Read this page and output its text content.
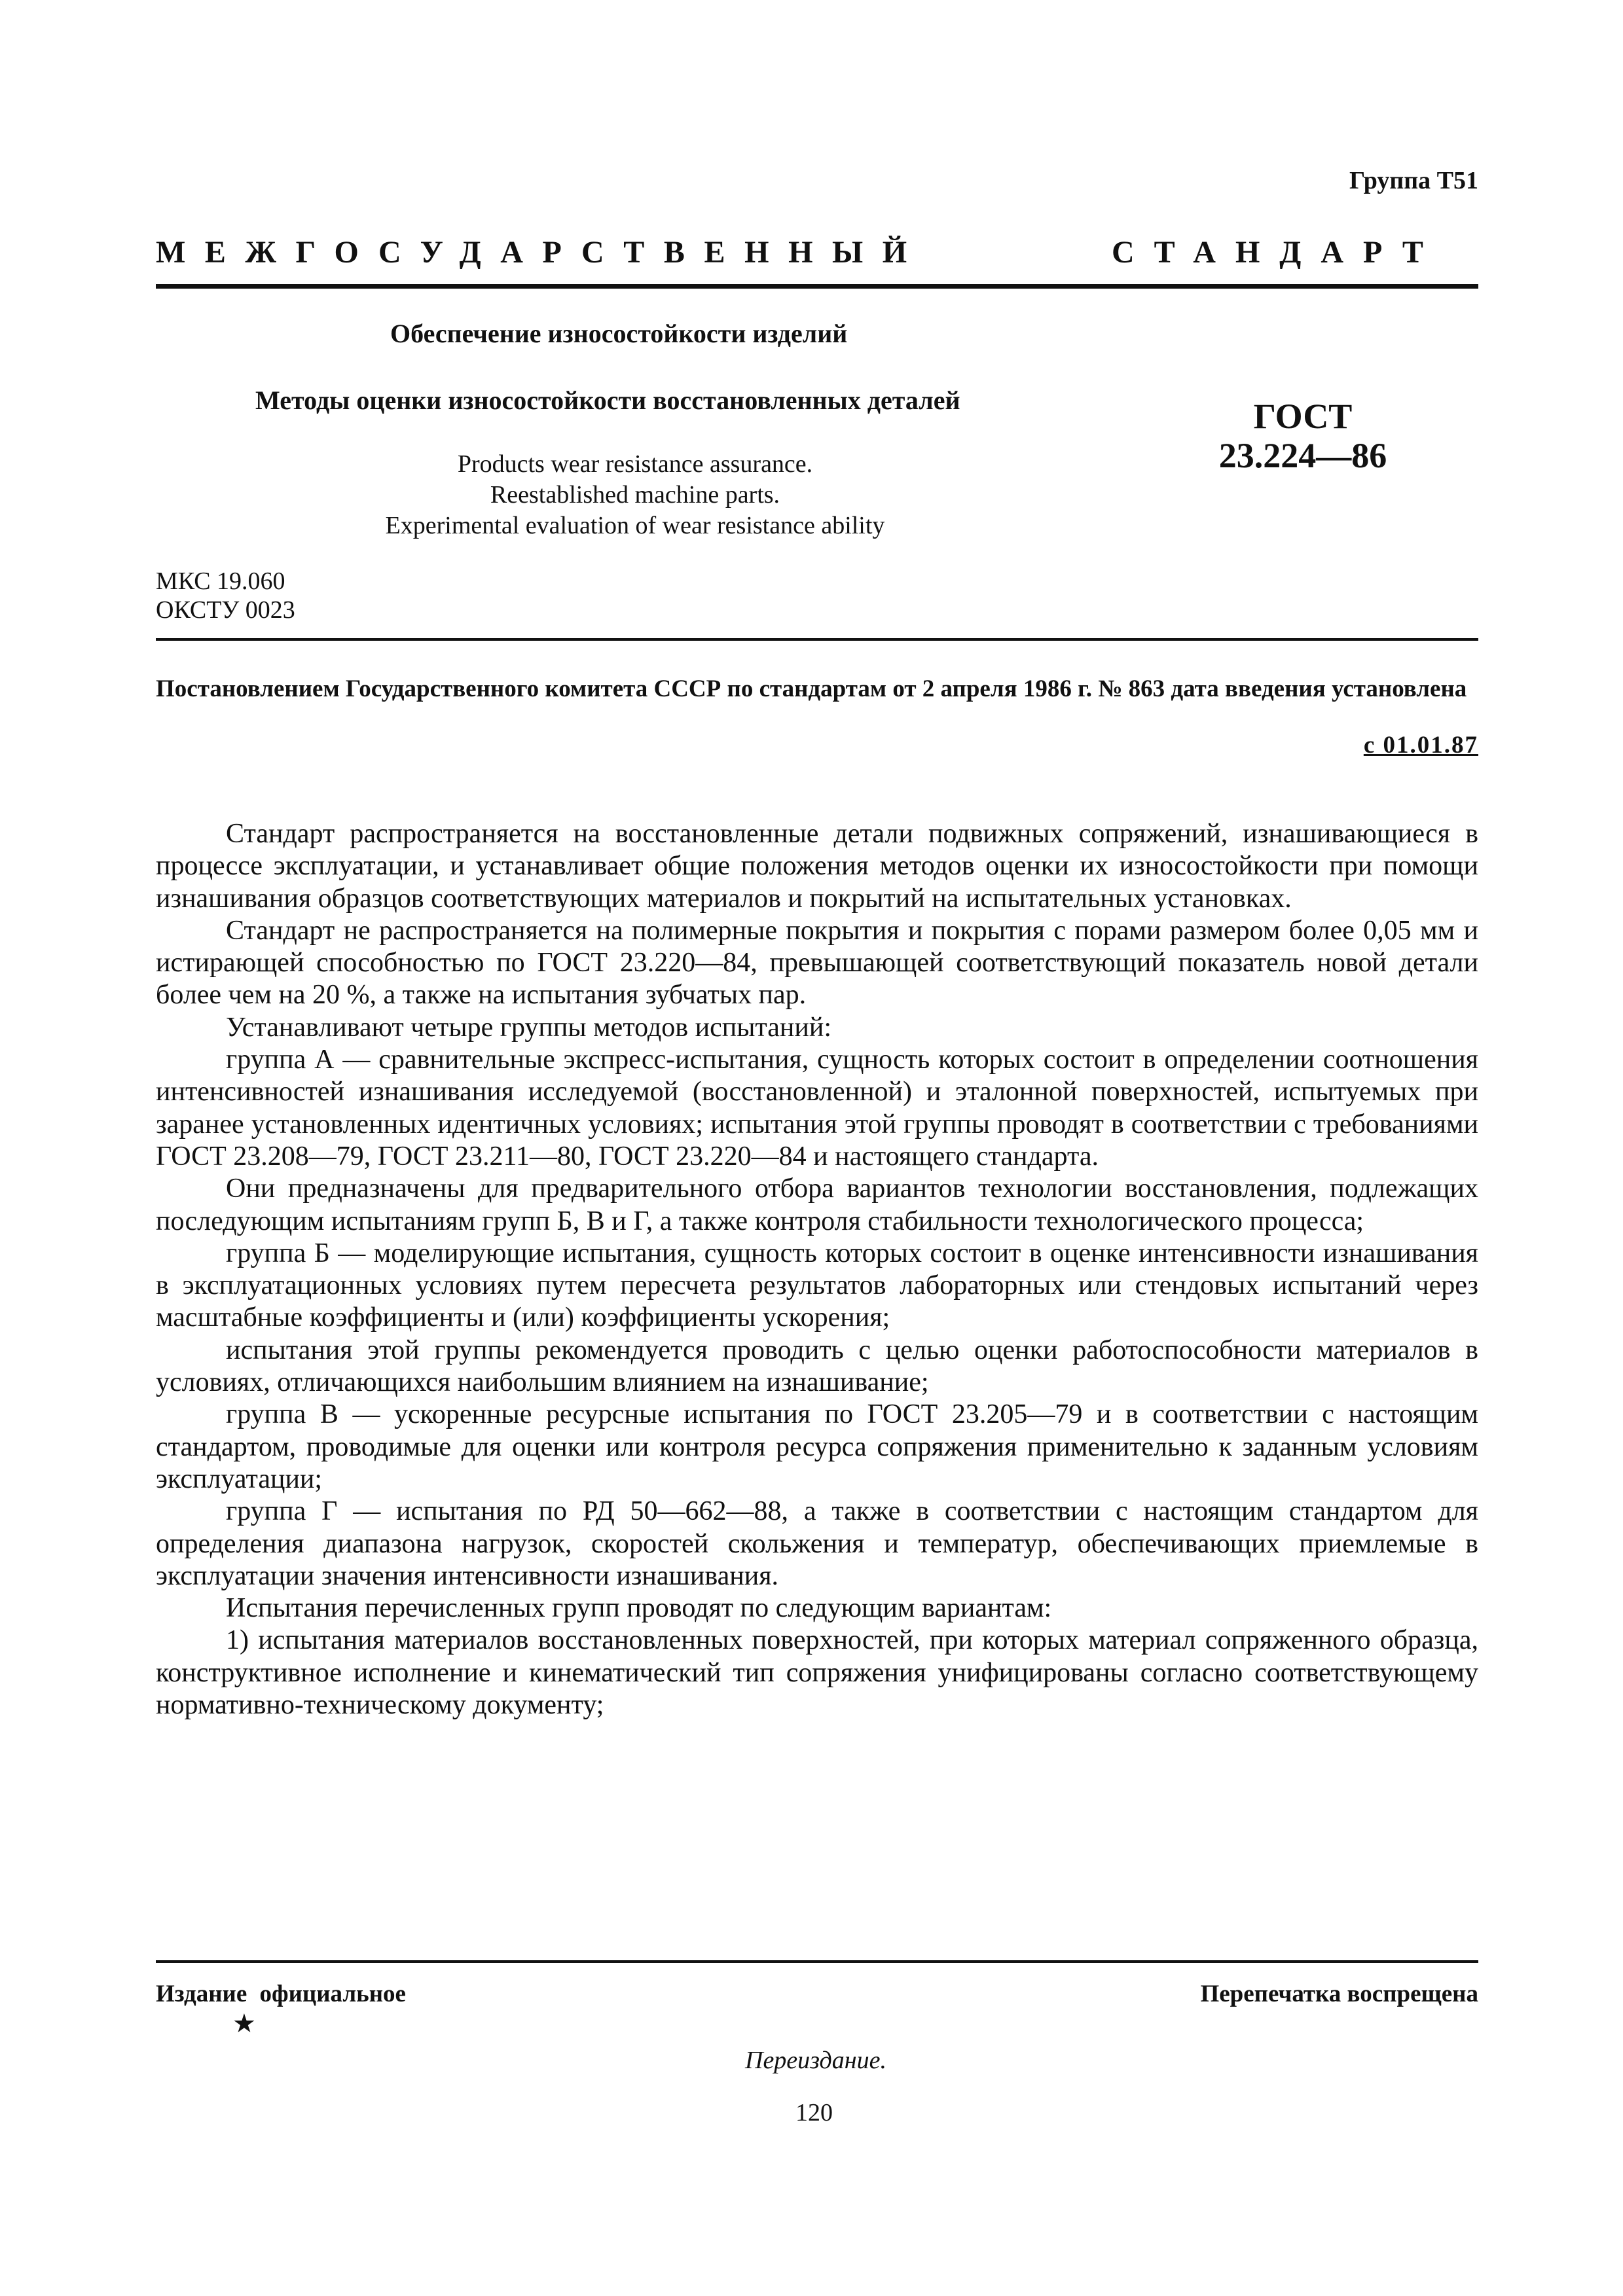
Группа Т51
МЕЖГОСУДАРСТВЕННЫЙ	СТАНДАРТ
Обеспечение износостойкости изделий
Методы оценки износостойкости восстановленных деталей
Products wear resistance assurance.
Reestablished machine parts.
Experimental evaluation of wear resistance ability
ГОСТ
23.224—86
МКС 19.060
ОКСТУ 0023
Постановлением Государственного комитета СССР по стандартам от 2 апреля 1986 г. № 863 дата введения установлена
с 01.01.87

Стандарт распространяется на восстановленные детали подвижных сопряжений, изнашивающиеся в процессе эксплуатации, и устанавливает общие положения методов оценки их износостойкости при помощи изнашивания образцов соответствующих материалов и покрытий на испытательных установках.

Стандарт не распространяется на полимерные покрытия и покрытия с порами размером более 0,05 мм и истирающей способностью по ГОСТ 23.220—84, превышающей соответствующий показатель новой детали более чем на 20 %, а также на испытания зубчатых пар.

Устанавливают четыре группы методов испытаний:

группа А — сравнительные экспресс-испытания, сущность которых состоит в определении соотношения интенсивностей изнашивания исследуемой (восстановленной) и эталонной поверхностей, испытуемых при заранее установленных идентичных условиях; испытания этой группы проводят в соответствии с требованиями ГОСТ 23.208—79, ГОСТ 23.211—80, ГОСТ 23.220—84 и настоящего стандарта.

Они предназначены для предварительного отбора вариантов технологии восстановления, подлежащих последующим испытаниям групп Б, В и Г, а также контроля стабильности технологического процесса;

группа Б — моделирующие испытания, сущность которых состоит в оценке интенсивности изнашивания в эксплуатационных условиях путем пересчета результатов лабораторных или стендовых испытаний через масштабные коэффициенты и (или) коэффициенты ускорения;

испытания этой группы рекомендуется проводить с целью оценки работоспособности материалов в условиях, отличающихся наибольшим влиянием на изнашивание;

группа В — ускоренные ресурсные испытания по ГОСТ 23.205—79 и в соответствии с настоящим стандартом, проводимые для оценки или контроля ресурса сопряжения применительно к заданным условиям эксплуатации;

группа Г — испытания по РД 50—662—88, а также в соответствии с настоящим стандартом для определения диапазона нагрузок, скоростей скольжения и температур, обеспечивающих приемлемые в эксплуатации значения интенсивности изнашивания.

Испытания перечисленных групп проводят по следующим вариантам:

1) испытания материалов восстановленных поверхностей, при которых материал сопряженного образца, конструктивное исполнение и кинематический тип сопряжения унифицированы согласно соответствующему нормативно-техническому документу;

Издание официальное	Перепечатка воспрещена
★
Переиздание.
120
